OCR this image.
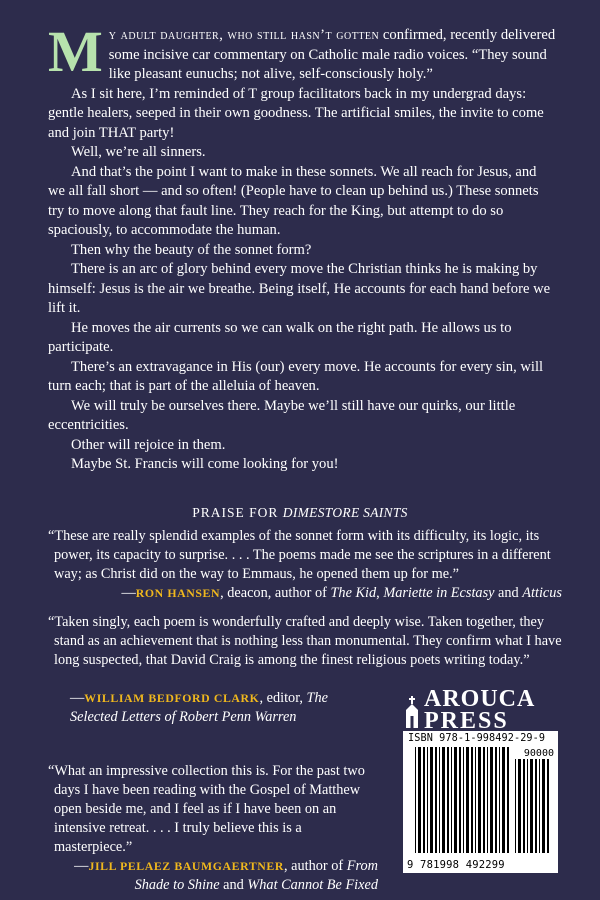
M y adult daughter, who still hasn’t gotten confirmed, recently delivered some incisive car commentary on Catholic male radio voices. “They sound like pleasant eunuchs; not alive, self-consciously holy.”

As I sit here, I’m reminded of T group facilitators back in my undergrad days: gentle healers, seeped in their own goodness. The artificial smiles, the invite to come and join THAT party!

Well, we’re all sinners.

And that’s the point I want to make in these sonnets. We all reach for Jesus, and we all fall short — and so often! (People have to clean up behind us.) These sonnets try to move along that fault line. They reach for the King, but attempt to do so spaciously, to accommodate the human.

Then why the beauty of the sonnet form?

There is an arc of glory behind every move the Christian thinks he is making by himself: Jesus is the air we breathe. Being itself, He accounts for each hand before we lift it.

He moves the air currents so we can walk on the right path. He allows us to participate.

There’s an extravagance in His (our) every move. He accounts for every sin, will turn each; that is part of the alleluia of heaven.

We will truly be ourselves there. Maybe we’ll still have our quirks, our little eccentricities.

Other will rejoice in them.

Maybe St. Francis will come looking for you!

PRAISE FOR DIMESTORE SAINTS

“These are really splendid examples of the sonnet form with its difficulty, its logic, its power, its capacity to surprise. . . . The poems made me see the scriptures in a different way; as Christ did on the way to Emmaus, he opened them up for me.”

—RON HANSEN, deacon, author of The Kid, Mariette in Ecstasy and Atticus

“Taken singly, each poem is wonderfully crafted and deeply wise. Taken together, they stand as an achievement that is nothing less than monumental. They confirm what I have long suspected, that David Craig is among the finest religious poets writing today.”

—WILLIAM BEDFORD CLARK, editor, The Selected Letters of Robert Penn Warren

“What an impressive collection this is. For the past two days I have been reading with the Gospel of Matthew open beside me, and I feel as if I have been on an intensive retreat. . . . I truly believe this is a masterpiece.”

—JILL PELAEZ BAUMGAERTNER, author of From Shade to Shine and What Cannot Be Fixed
AROUCA
PRESS
ISBN 978-1-998492-29-9
90000
9 781998 492299
